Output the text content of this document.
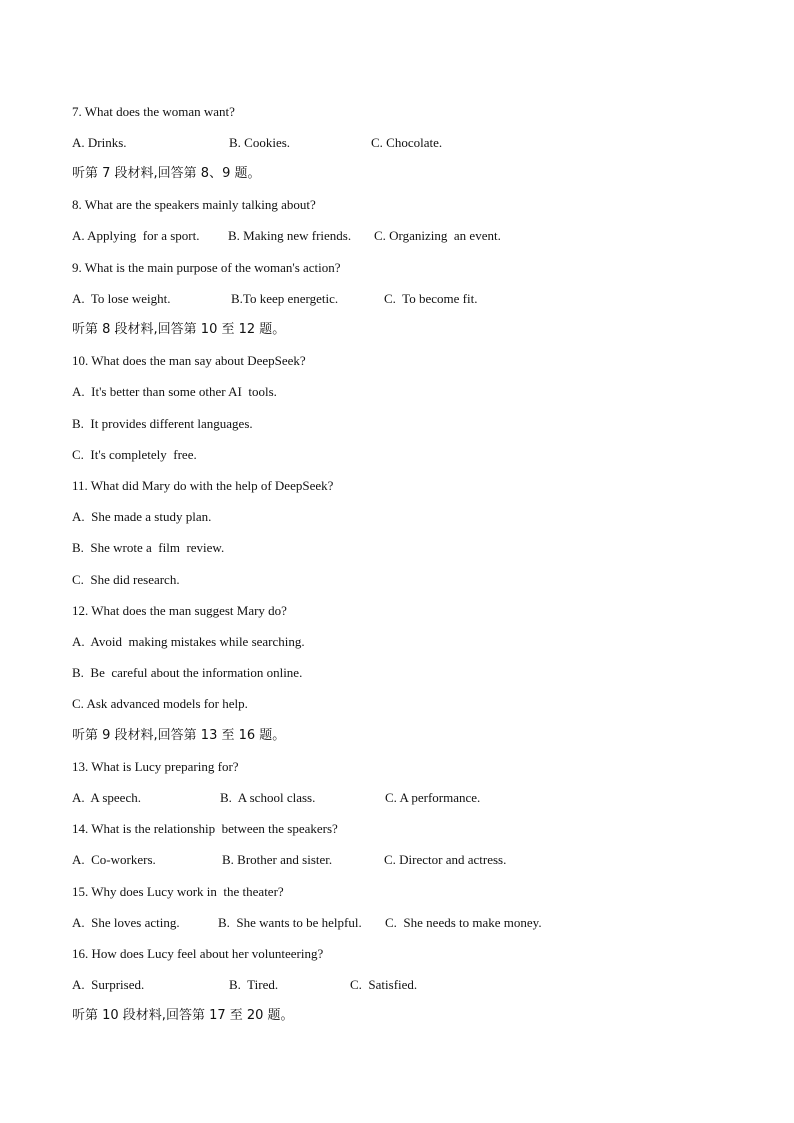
7. What does the woman want?
A. Drinks.	B. Cookies.	C. Chocolate.
听第 7 段材料,回答第 8、9 题。
8. What are the speakers mainly talking about?
A. Applying  for a sport. B. Making new friends. C. Organizing  an event.
9. What is the main purpose of the woman's action?
A.  To lose weight.	B.To keep energetic.	C.  To become fit.
听第 8 段材料,回答第 10 至 12 题。
10. What does the man say about DeepSeek?
A.  It's better than some other AI  tools.
B.  It provides different languages.
C.  It's completely  free.
11. What did Mary do with the help of DeepSeek?
A.  She made a study plan.
B.  She wrote a  film  review.
C.  She did research.
12. What does the man suggest Mary do?
A.  Avoid  making mistakes while searching.
B.  Be  careful about the information online.
C. Ask advanced models for help.
听第 9 段材料,回答第 13 至 16 题。
13. What is Lucy preparing for?
A.  A speech.	B.  A school class.	C. A performance.
14. What is the relationship  between the speakers?
A.  Co-workers.	B. Brother and sister.	C. Director and actress.
15. Why does Lucy work in  the theater?
A.  She loves acting.	B.  She wants to be helpful. C.  She needs to make money.
16. How does Lucy feel about her volunteering?
A.  Surprised.	B.  Tired.	C.  Satisfied.
听第 10 段材料,回答第 17 至 20 题。
